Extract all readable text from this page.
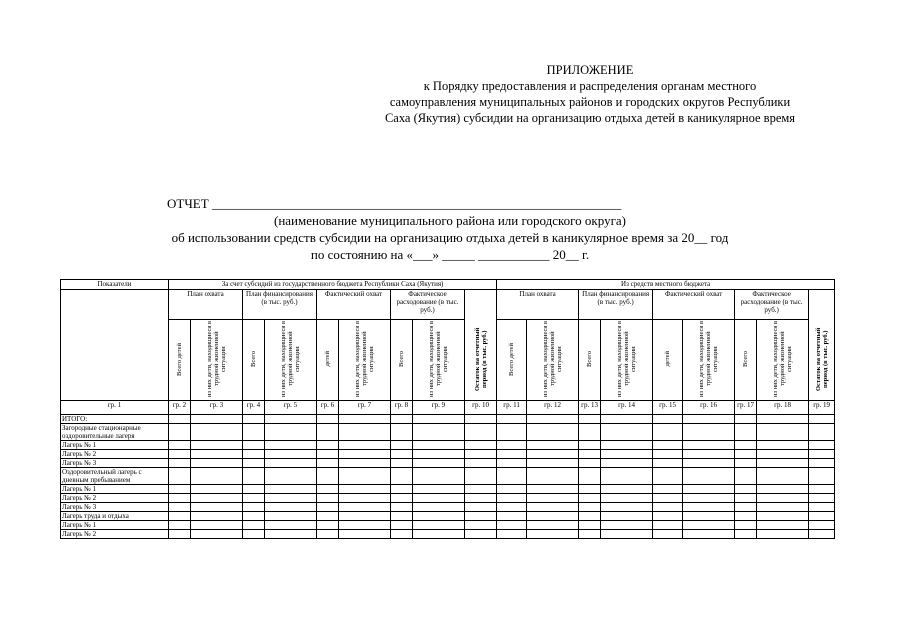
ПРИЛОЖЕНИЕ
к Порядку предоставления и распределения органам местного
самоуправления муниципальных районов и городских округов Республики
Саха (Якутия) субсидии на организацию отдыха детей в каникулярное время
ОТЧЕТ _______________________________________________________________
(наименование муниципального района или городского округа)
об использовании средств субсидии на организацию отдыха детей в каникулярное время за 20__ год
по состоянию на «___» _____ ___________ 20__ г.
Показатели	За счет субсидий из государственного бюджета Республики Саха (Якутия)									Из средств местного бюджета								
	План охвата		План финансирования (в тыс. руб.)		Фактический охват		Фактическое расходование (в тыс. руб.)		Остаток на отчетный период (в тыс. руб.)	План охвата		План финансирования (в тыс. руб.)		Фактический охват		Фактическое расходование (в тыс. руб.)		Остаток на отчетный период (в тыс. руб.)
	Всего детей	из них дети, находящиеся в трудной жизненной ситуации	Всего	из них дети, находящиеся в трудной жизненной ситуации	детей	из них дети, находящиеся в трудной жизненной ситуации	Всего	из них дети, находящиеся в трудной жизненной ситуации		Всего детей	из них дети, находящиеся в трудной жизненной ситуации	Всего	из них дети, находящиеся в трудной жизненной ситуации	детей	из них дети, находящиеся в трудной жизненной ситуации	Всего	из них дети, находящиеся в трудной жизненной ситуации	
гр. 1	гр. 2	гр. 3	гр. 4	гр. 5	гр. 6	гр. 7	гр. 8	гр. 9	гр. 10	гр. 11	гр. 12	гр. 13	гр. 14	гр. 15	гр. 16	гр. 17	гр. 18	гр. 19
ИТОГО:																		
Загородные стационарные оздоровительные лагеря																		
Лагерь № 1																		
Лагерь № 2																		
Лагерь № 3																		
Оздоровительный лагерь с дневным пребыванием																		
Лагерь № 1																		
Лагерь № 2																		
Лагерь № 3																		
Лагерь труда и отдыха																		
Лагерь № 1																		
Лагерь № 2																		
